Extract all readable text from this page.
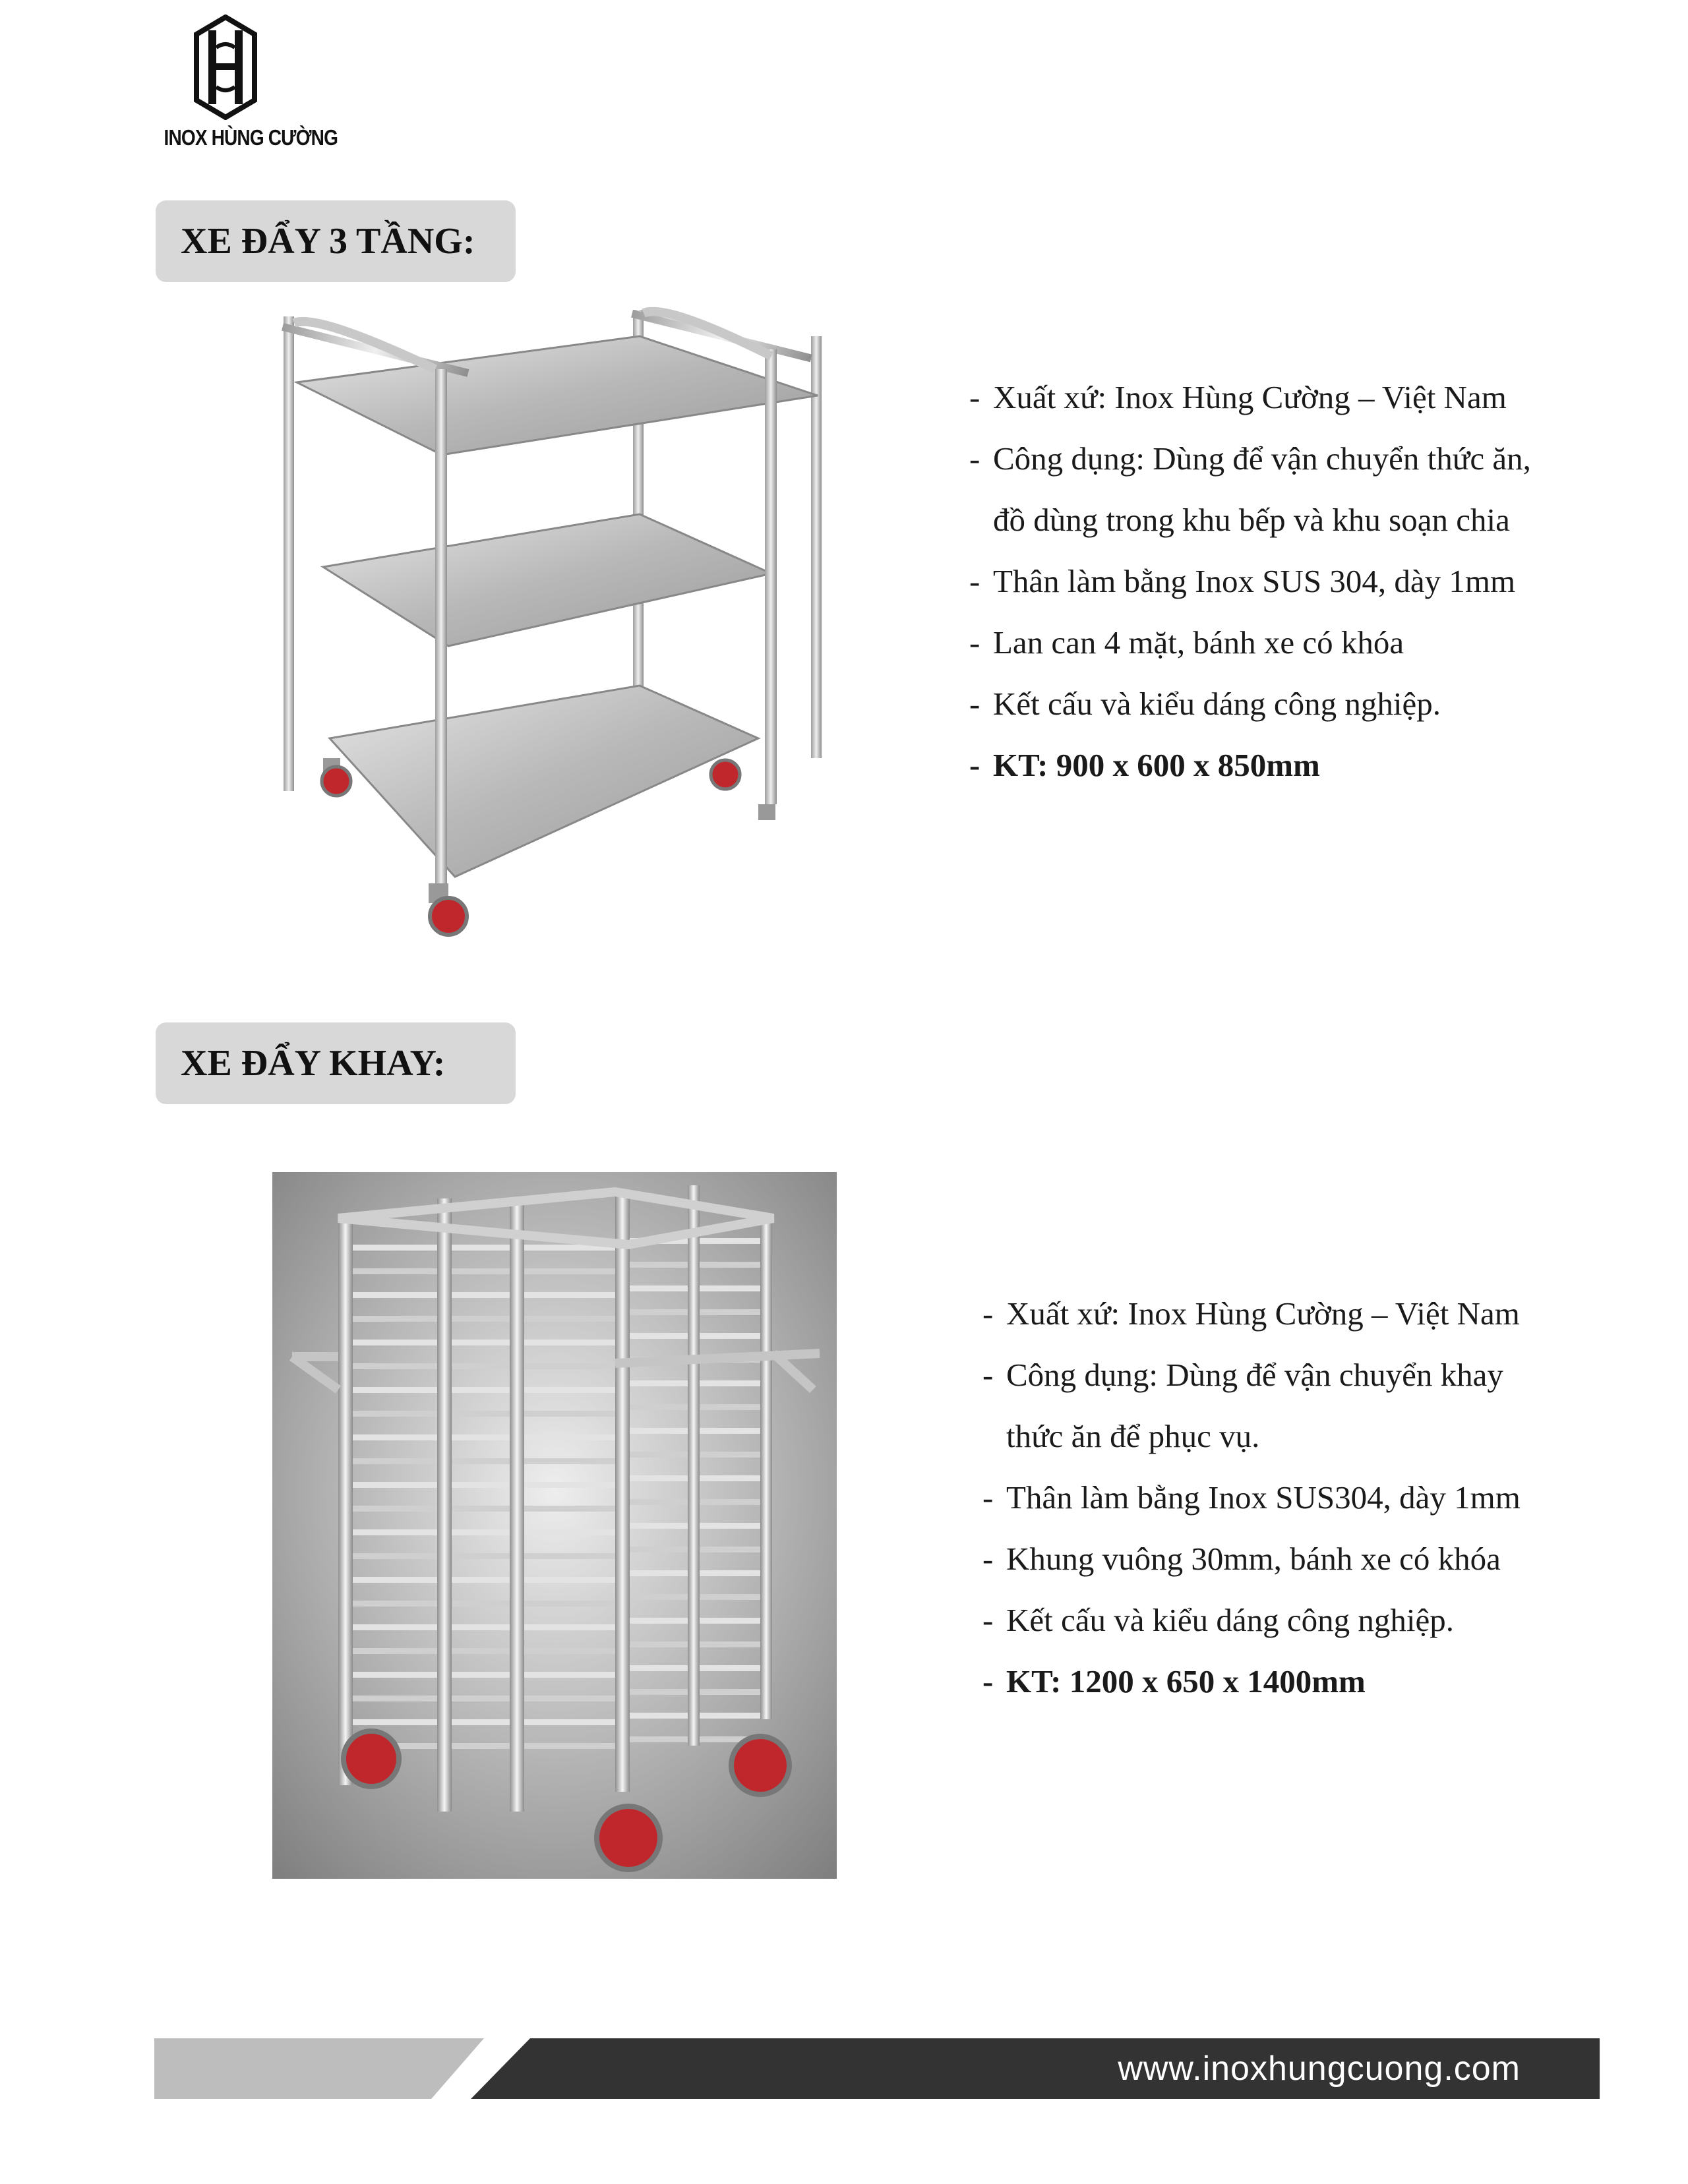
INOX HÙNG CƯỜNG
XE ĐẨY 3 TẦNG:
- Xuất xứ: Inox Hùng Cường – Việt Nam
- Công dụng: Dùng để vận chuyển thức ăn,
đồ dùng trong khu bếp và khu soạn chia
- Thân làm bằng Inox SUS 304, dày 1mm
- Lan can 4 mặt, bánh xe có khóa
- Kết cấu và kiểu dáng công nghiệp.
- KT: 900 x 600 x 850mm
XE ĐẨY KHAY:
- Xuất xứ: Inox Hùng Cường – Việt Nam
- Công dụng: Dùng để vận chuyển khay
thức ăn để phục vụ.
- Thân làm bằng Inox SUS304, dày 1mm
- Khung vuông 30mm, bánh xe có khóa
- Kết cấu và kiểu dáng công nghiệp.
- KT: 1200 x 650 x 1400mm
www.inoxhungcuong.com
